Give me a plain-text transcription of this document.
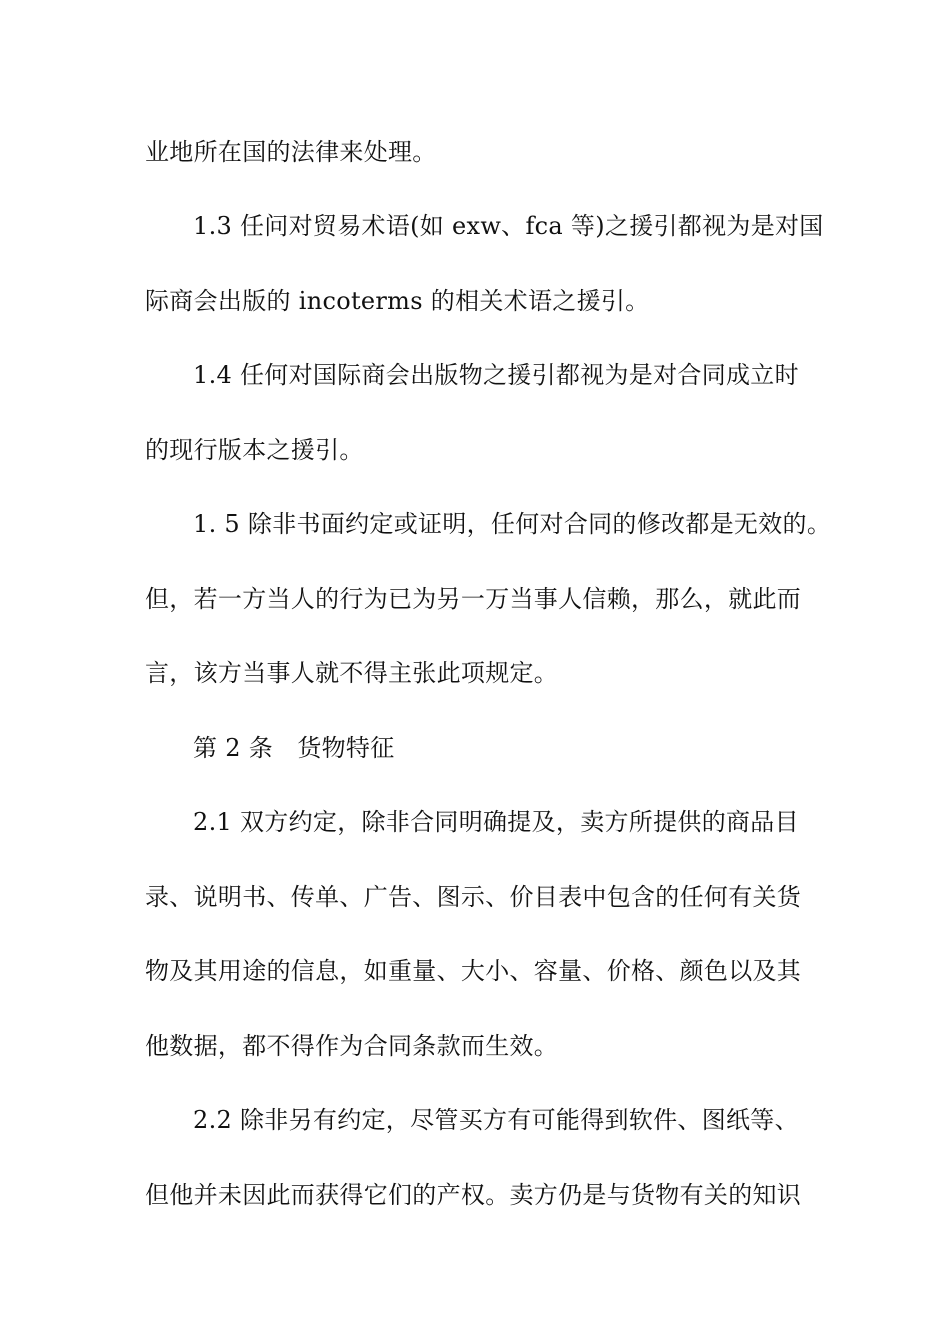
业地所在国的法律来处理。
1.3 任问对贸易术语(如 exw、fca 等)之援引都视为是对国
际商会出版的 incoterms 的相关术语之援引。
1.4 任何对国际商会出版物之援引都视为是对合同成立时
的现行版本之援引。
1. 5 除非书面约定或证明，任何对合同的修改都是无效的。
但，若一方当人的行为已为另一万当事人信赖，那么，就此而
言，该方当事人就不得主张此项规定。
第 2 条　货物特征
2.1 双方约定，除非合同明确提及，卖方所提供的商品目
录、说明书、传单、广告、图示、价目表中包含的任何有关货
物及其用途的信息，如重量、大小、容量、价格、颜色以及其
他数据，都不得作为合同条款而生效。
2.2 除非另有约定，尽管买方有可能得到软件、图纸等、
但他并未因此而获得它们的产权。卖方仍是与货物有关的知识
